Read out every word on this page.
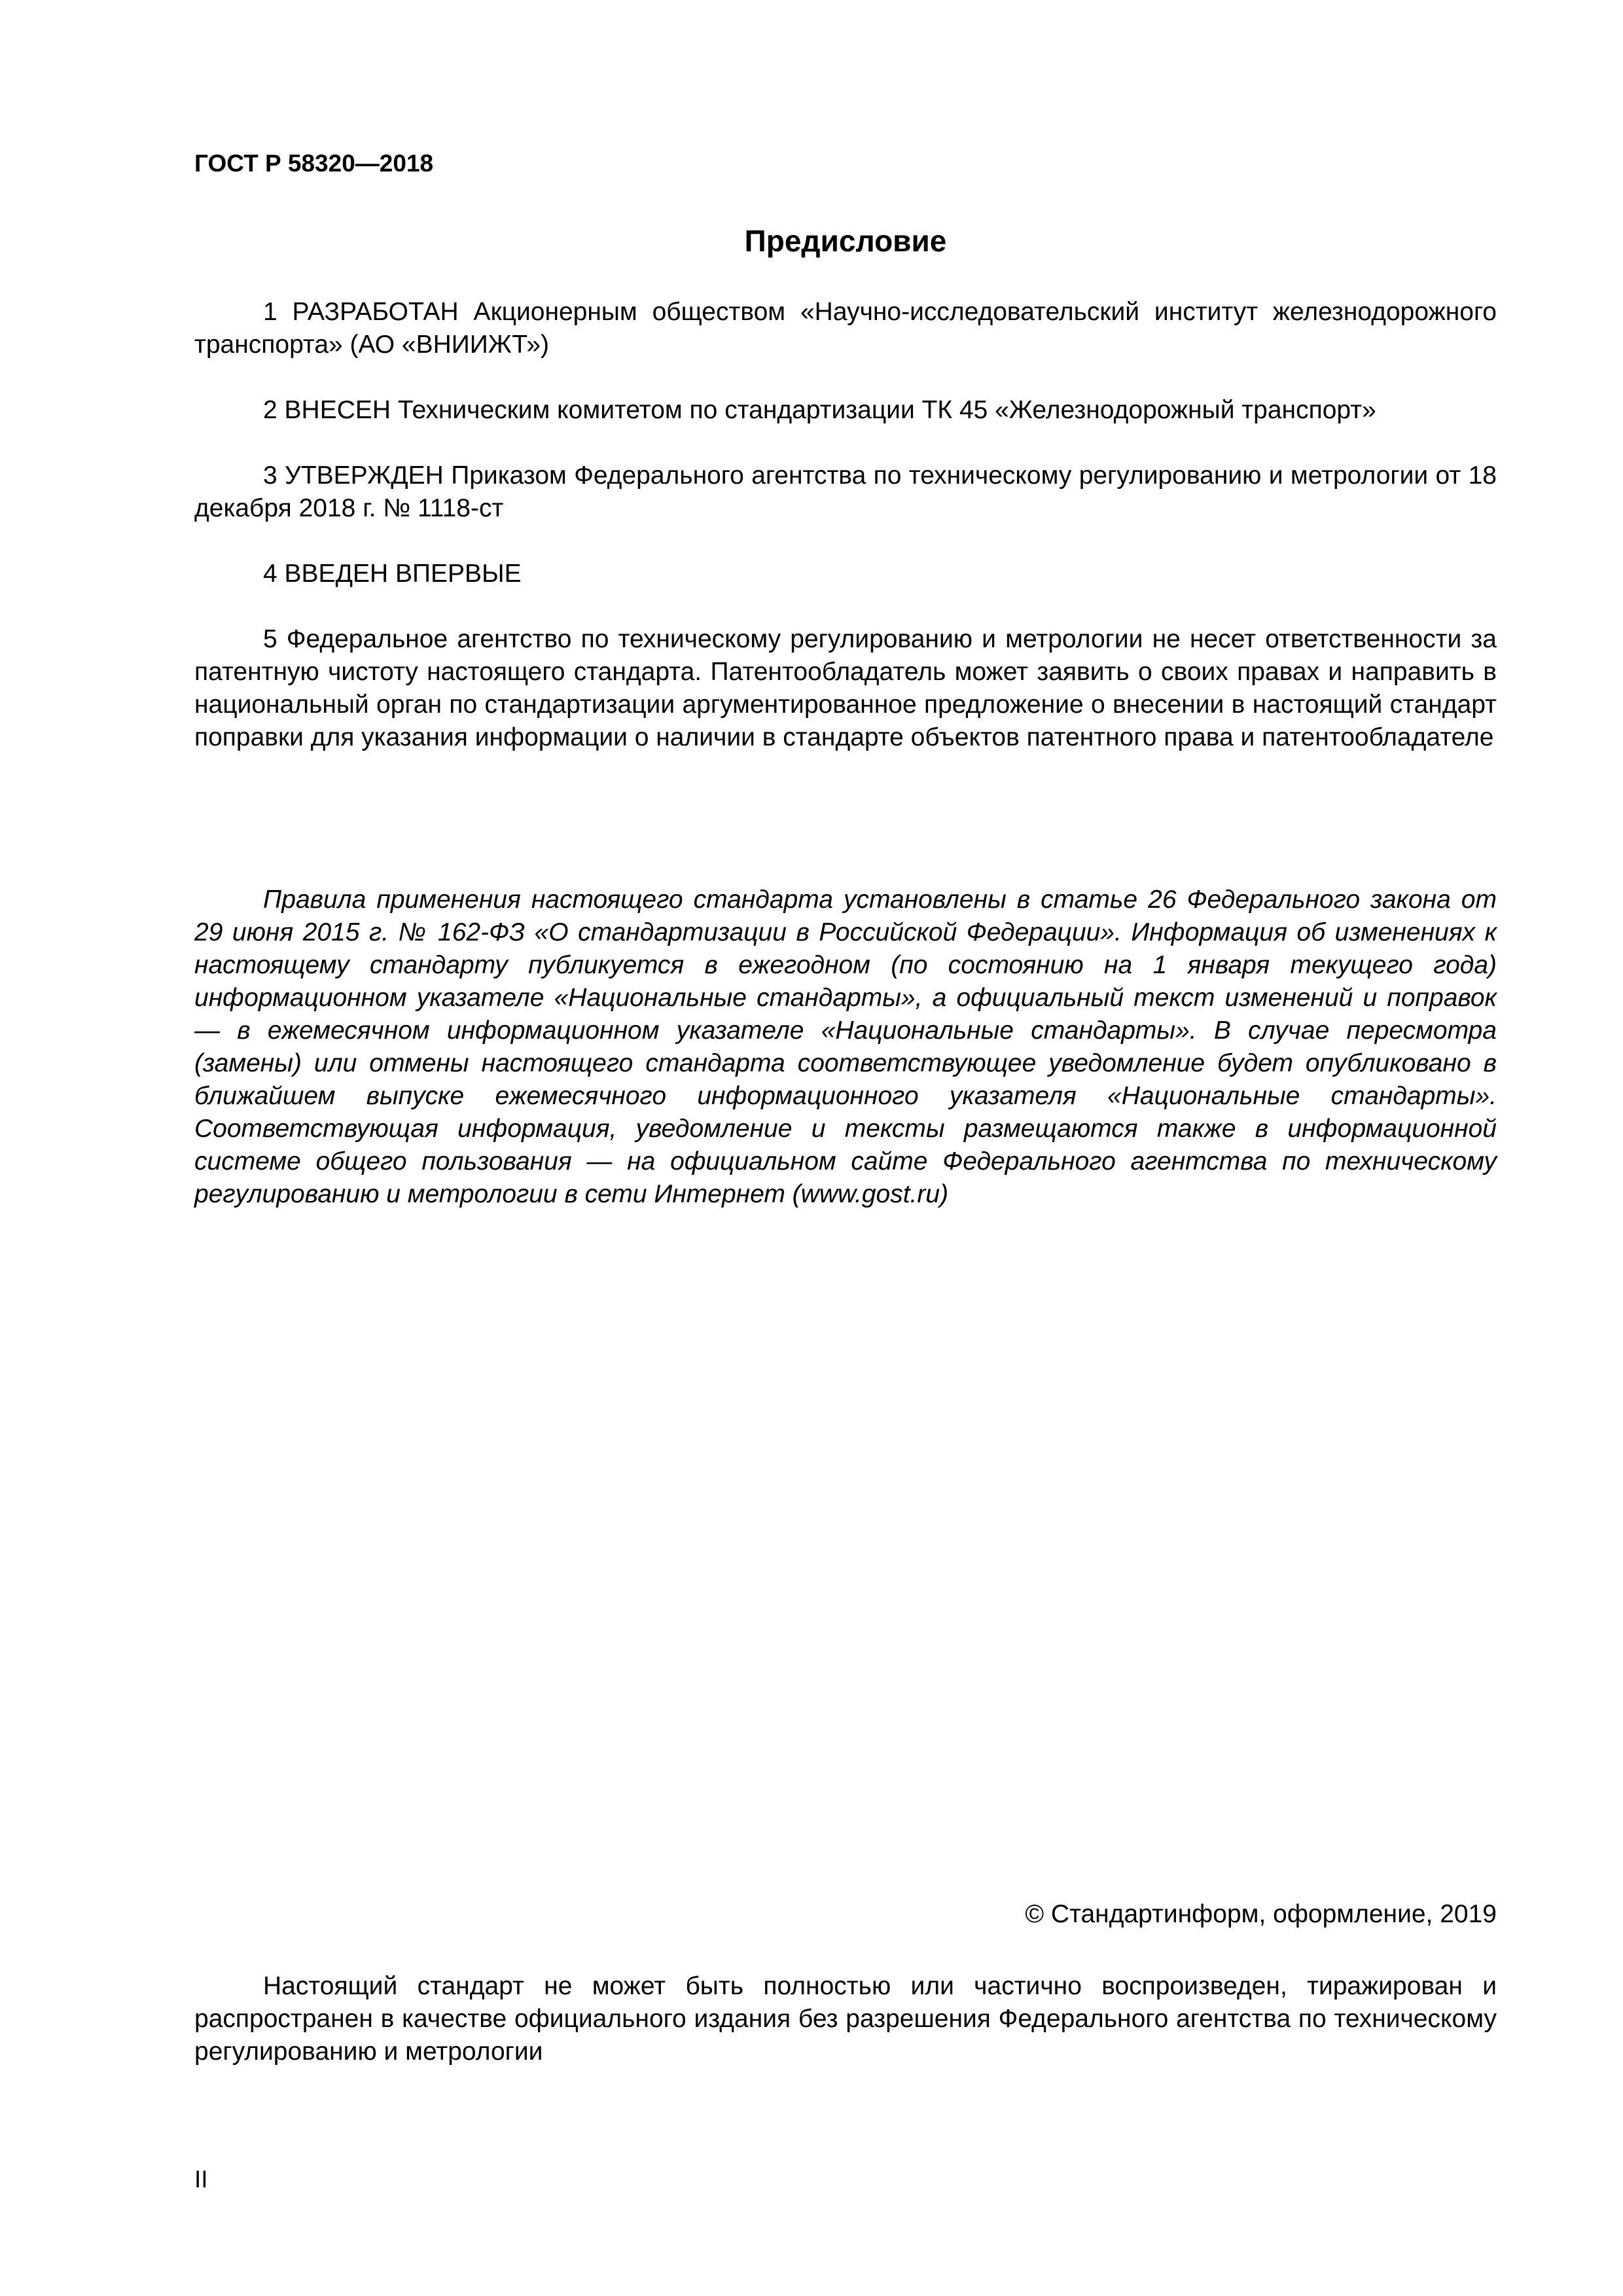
ГОСТ Р 58320—2018
Предисловие

1 РАЗРАБОТАН Акционерным обществом «Научно-исследовательский институт железнодорожного транспорта» (АО «ВНИИЖТ»)

2 ВНЕСЕН Техническим комитетом по стандартизации ТК 45 «Железнодорожный транспорт»

3 УТВЕРЖДЕН Приказом Федерального агентства по техническому регулированию и метрологии от 18 декабря 2018 г. № 1118-ст

4 ВВЕДЕН ВПЕРВЫЕ

5 Федеральное агентство по техническому регулированию и метрологии не несет ответственности за патентную чистоту настоящего стандарта. Патентообладатель может заявить о своих правах и направить в национальный орган по стандартизации аргументированное предложение о внесении в настоящий стандарт поправки для указания информации о наличии в стандарте объектов патентного права и патентообладателе

Правила применения настоящего стандарта установлены в статье 26 Федерального закона от 29 июня 2015 г. № 162-ФЗ «О стандартизации в Российской Федерации». Информация об изменениях к настоящему стандарту публикуется в ежегодном (по состоянию на 1 января текущего года) информационном указателе «Национальные стандарты», а официальный текст изменений и поправок — в ежемесячном информационном указателе «Национальные стандарты». В случае пересмотра (замены) или отмены настоящего стандарта соответствующее уведомление будет опубликовано в ближайшем выпуске ежемесячного информационного указателя «Национальные стандарты». Соответствующая информация, уведомление и тексты размещаются также в информационной системе общего пользования — на официальном сайте Федерального агентства по техническому регулированию и метрологии в сети Интернет (www.gost.ru)

© Стандартинформ, оформление, 2019

Настоящий стандарт не может быть полностью или частично воспроизведен, тиражирован и распространен в качестве официального издания без разрешения Федерального агентства по техническому регулированию и метрологии

II
